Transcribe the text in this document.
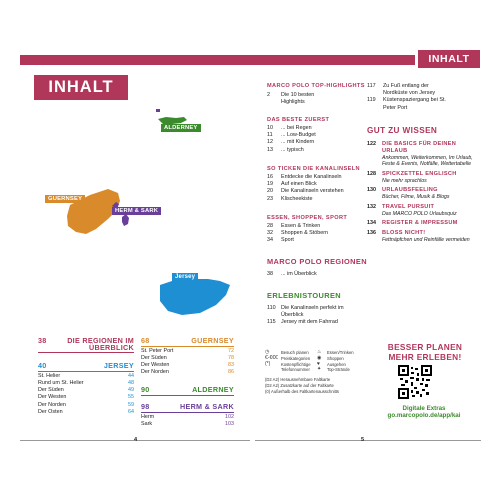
INHALT
INHALT
ALDERNEY
GUERNSEY
HERM & SARK
Jersey
38	DIE REGIONEN IM
ÜBERBLICK
40	JERSEY
St. Helier	44
Rund um St. Helier	48
Der Süden	49
Der Westen	55
Der Norden	59
Der Osten	64
68	GUERNSEY
St. Peter Port	72
Der Süden	78
Der Westen	83
Der Norden	86
90	ALDERNEY
98	HERM & SARK
Herm	102
Sark	103
MARCO POLO TOP-HIGHLIGHTS
2	Die 10 besten
Highlights
DAS BESTE ZUERST
10	... bei Regen
11	... Low-Budget
12	... mit Kindern
13	... typisch
SO TICKEN DIE KANALINSELN
16	Entdecke die Kanalinseln
19	Auf einen Blick
20	Die Kanalinseln verstehen
23	Klischeekiste
ESSEN, SHOPPEN, SPORT
28	Essen & Trinken
32	Shoppen & Stöbern
34	Sport
MARCO POLO REGIONEN
38	... im Überblick
ERLEBNISTOUREN
110	Die Kanalinseln perfekt im
Überblick
115	Jersey mit dem Fahrrad
117	Zu Fuß entlang der
Nordküste von Jersey
119	Küstenspaziergang bei St.
Peter Port
GUT ZU WISSEN
122	DIE BASICS FÜR DEINEN URLAUB
Ankommen, Weiterkommen, Im Urlaub, Feste & Events, Notfälle, Wettertabelle
128	SPICKZETTEL ENGLISCH
Nie mehr sprachlos
130	URLAUBSFEELING
Bücher, Filme, Musik & Blogs
132	TRAVEL PURSUIT
Das MARCO POLO Urlaubsquiz
134	REGISTER & IMPRESSUM
136	BLOSS NICHT!
Fettnäpfchen und Reinfälle vermeiden
◷	Besuch planen
€-€€€ Preiskategorien
(*)	Kostenpflichtige Telefonnummer
♨	Essen/Trinken
◉	Shoppen
♥	Ausgehen
✦	Top-Strände
(D2 A2) Herausnehmbare Faltkarte
(D2 A2) Zusatzkarte auf der Faltkarte
(0) Außerhalb des Faltkartenausschnitts
BESSER PLANEN
MEHR ERLEBEN!
Digitale Extras
go.marcopolo.de/app/kai
4	5
